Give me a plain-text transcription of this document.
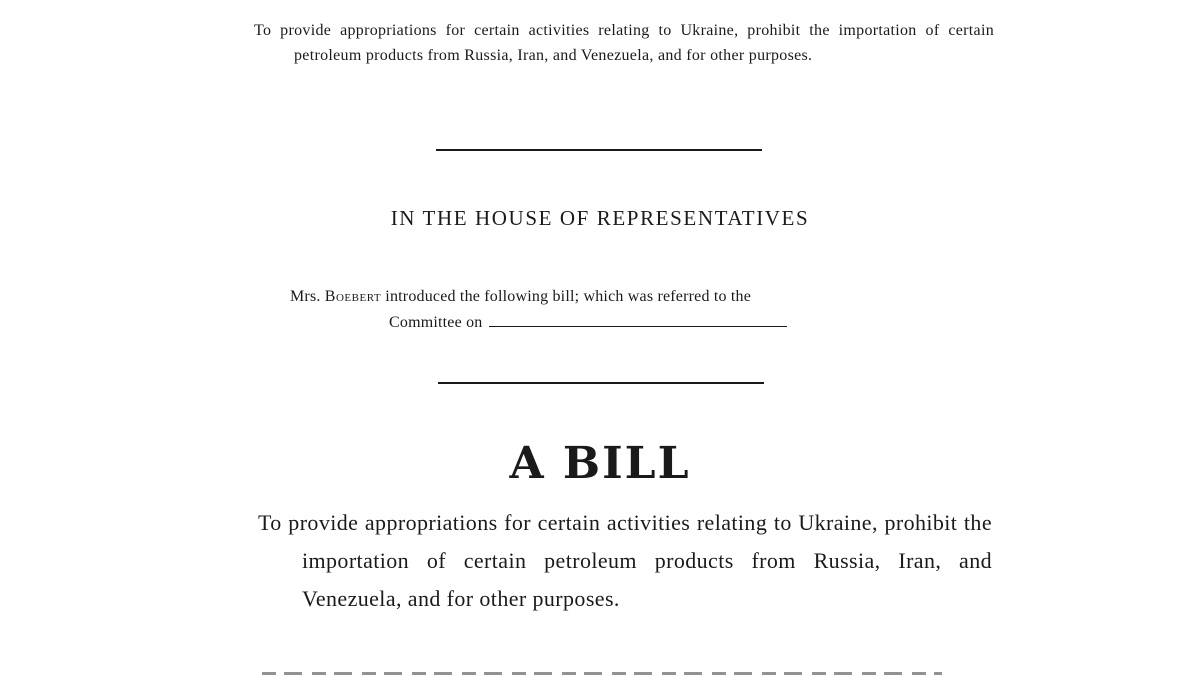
To provide appropriations for certain activities relating to Ukraine, prohibit the importation of certain petroleum products from Russia, Iran, and Venezuela, and for other purposes.

IN THE HOUSE OF REPRESENTATIVES

Mrs. Boebert introduced the following bill; which was referred to the
Committee on

A BILL

To provide appropriations for certain activities relating to Ukraine, prohibit the importation of certain petroleum products from Russia, Iran, and Venezuela, and for other purposes.
